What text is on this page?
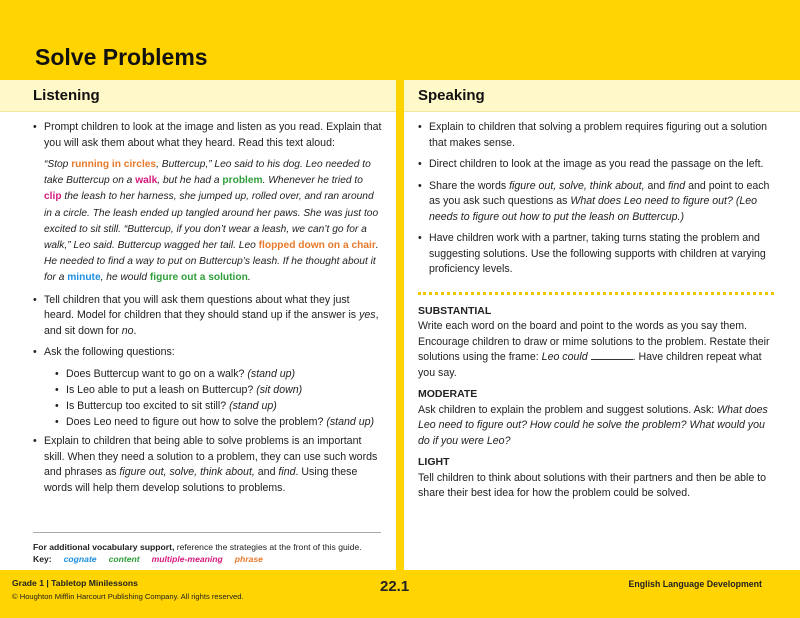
Solve Problems
Listening
• Prompt children to look at the image and listen as you read. Explain that you will ask them about what they heard. Read this text aloud:
“Stop running in circles, Buttercup,” Leo said to his dog. Leo needed to take Buttercup on a walk, but he had a problem. Whenever he tried to clip the leash to her harness, she jumped up, rolled over, and ran around in a circle. The leash ended up tangled around her paws. She was just too excited to sit still. “Buttercup, if you don’t wear a leash, we can’t go for a walk,” Leo said. Buttercup wagged her tail. Leo flopped down on a chair. He needed to find a way to put on Buttercup’s leash. If he thought about it for a minute, he would figure out a solution.
• Tell children that you will ask them questions about what they just heard. Model for children that they should stand up if the answer is yes, and sit down for no.
• Ask the following questions:
• Does Buttercup want to go on a walk? (stand up)
• Is Leo able to put a leash on Buttercup? (sit down)
• Is Buttercup too excited to sit still? (stand up)
• Does Leo need to figure out how to solve the problem? (stand up)
• Explain to children that being able to solve problems is an important skill. When they need a solution to a problem, they can use such words and phrases as figure out, solve, think about, and find. Using these words will help them develop solutions to problems.
For additional vocabulary support, reference the strategies at the front of this guide.
Key: cognate content multiple-meaning phrase
Speaking
• Explain to children that solving a problem requires figuring out a solution that makes sense.
• Direct children to look at the image as you read the passage on the left.
• Share the words figure out, solve, think about, and find and point to each as you ask such questions as What does Leo need to figure out? (Leo needs to figure out how to put the leash on Buttercup.)
• Have children work with a partner, taking turns stating the problem and suggesting solutions. Use the following supports with children at varying proficiency levels.
SUBSTANTIAL
Write each word on the board and point to the words as you say them. Encourage children to draw or mime solutions to the problem. Restate their solutions using the frame: Leo could	. Have children repeat what you say.
MODERATE
Ask children to explain the problem and suggest solutions. Ask: What does Leo need to figure out? How could he solve the problem? What would you do if you were Leo?
LIGHT
Tell children to think about solutions with their partners and then be able to share their best idea for how the problem could be solved.
Grade 1 | Tabletop Minilessons
© Houghton Mifflin Harcourt Publishing Company. All rights reserved.
22.1	English Language Development
